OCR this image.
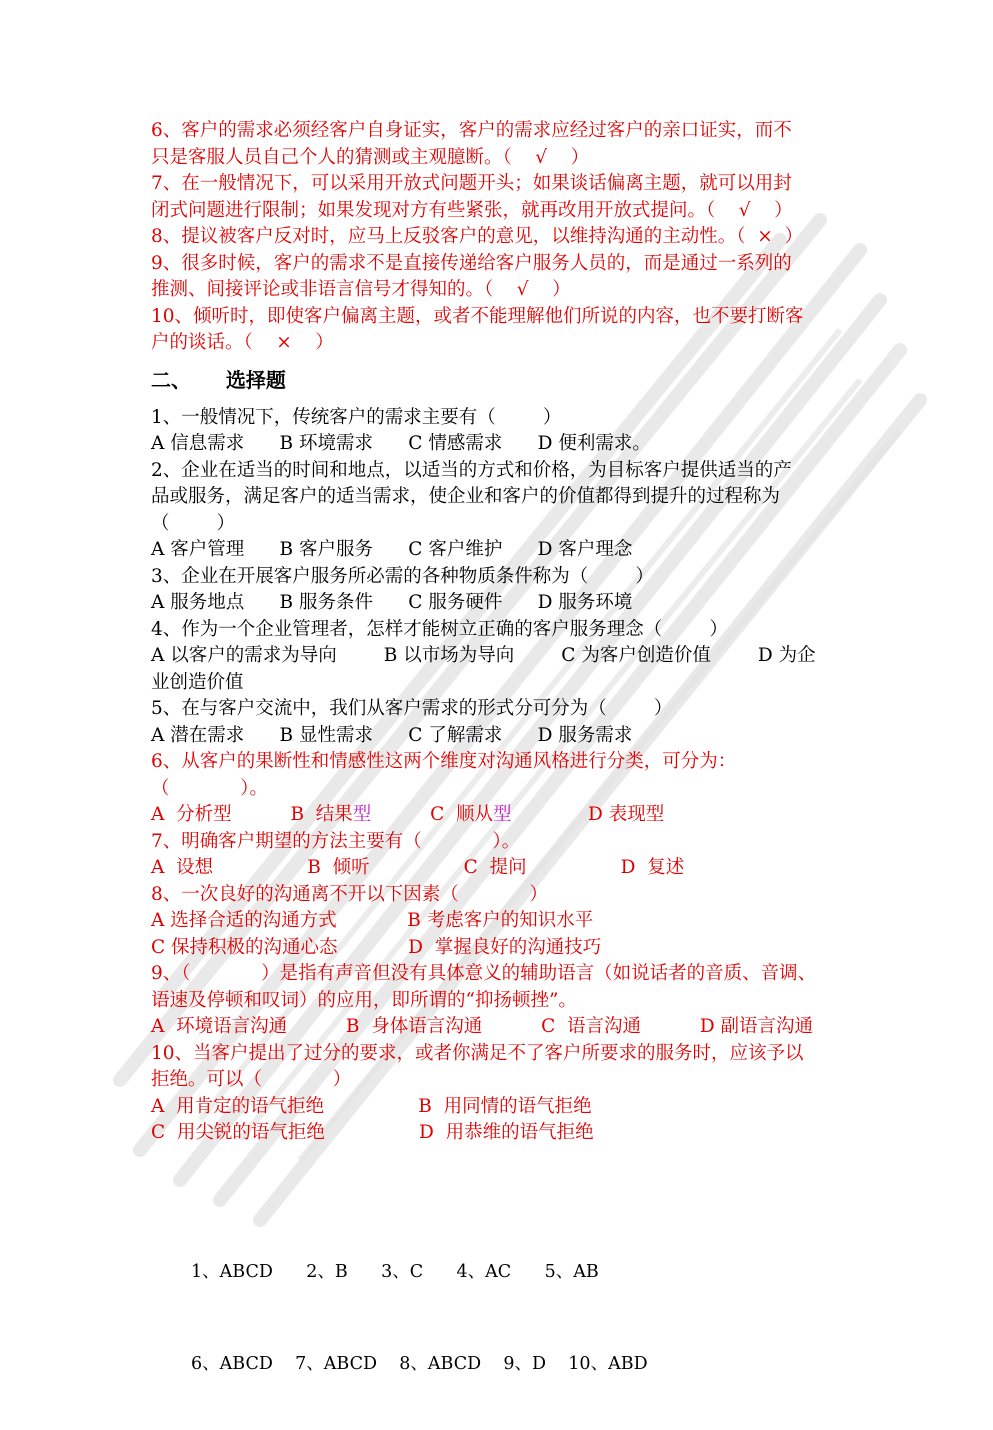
6、客户的需求必须经客户自身证实，客户的需求应经过客户的亲口证实，而不
只是客服人员自己个人的猜测或主观臆断。（    √    ）
7、在一般情况下，可以采用开放式问题开头；如果谈话偏离主题，就可以用封
闭式问题进行限制；如果发现对方有些紧张，就再改用开放式提问。（    √    ）
8、提议被客户反对时，应马上反驳客户的意见，以维持沟通的主动性。（  ×  ）
9、很多时候，客户的需求不是直接传递给客户服务人员的，而是通过一系列的
推测、间接评论或非语言信号才得知的。（    √    ）
10、倾听时，即使客户偏离主题，或者不能理解他们所说的内容，也不要打断客
户的谈话。（    ×    ）
二、     选择题
1、一般情况下，传统客户的需求主要有（        ）
A 信息需求      B 环境需求      C 情感需求      D 便利需求。
2、企业在适当的时间和地点，以适当的方式和价格，为目标客户提供适当的产
品或服务，满足客户的适当需求，使企业和客户的价值都得到提升的过程称为
（        ）
A 客户管理      B 客户服务      C 客户维护      D 客户理念
3、企业在开展客户服务所必需的各种物质条件称为（        ）
A 服务地点      B 服务条件      C 服务硬件      D 服务环境
4、作为一个企业管理者，怎样才能树立正确的客户服务理念（        ）
A 以客户的需求为导向        B 以市场为导向        C 为客户创造价值        D 为企
业创造价值
5、在与客户交流中，我们从客户需求的形式分可分为（        ）
A 潜在需求      B 显性需求      C 了解需求      D 服务需求
6、从客户的果断性和情感性这两个维度对沟通风格进行分类，可分为：
（            ）。
A  分析型	B  结果型	C  顺从型	D 表现型
7、明确客户期望的方法主要有（            ）。
A  设想                B  倾听                C  提问                D  复述
8、一次良好的沟通离不开以下因素（            ）
A 选择合适的沟通方式            B 考虑客户的知识水平
C 保持积极的沟通心态            D  掌握良好的沟通技巧
9、（            ）是指有声音但没有具体意义的辅助语言（如说话者的音质、音调、
语速及停顿和叹词）的应用，即所谓的“抑扬顿挫”。
A  环境语言沟通          B  身体语言沟通          C  语言沟通          D 副语言沟通
10、当客户提出了过分的要求，或者你满足不了客户所要求的服务时，应该予以
拒绝。可以（            ）
A  用肯定的语气拒绝                B  用同情的语气拒绝
C  用尖锐的语气拒绝                D  用恭维的语气拒绝

1、ABCD      2、B      3、C      4、AC      5、AB

6、ABCD    7、ABCD    8、ABCD    9、D    10、ABD
